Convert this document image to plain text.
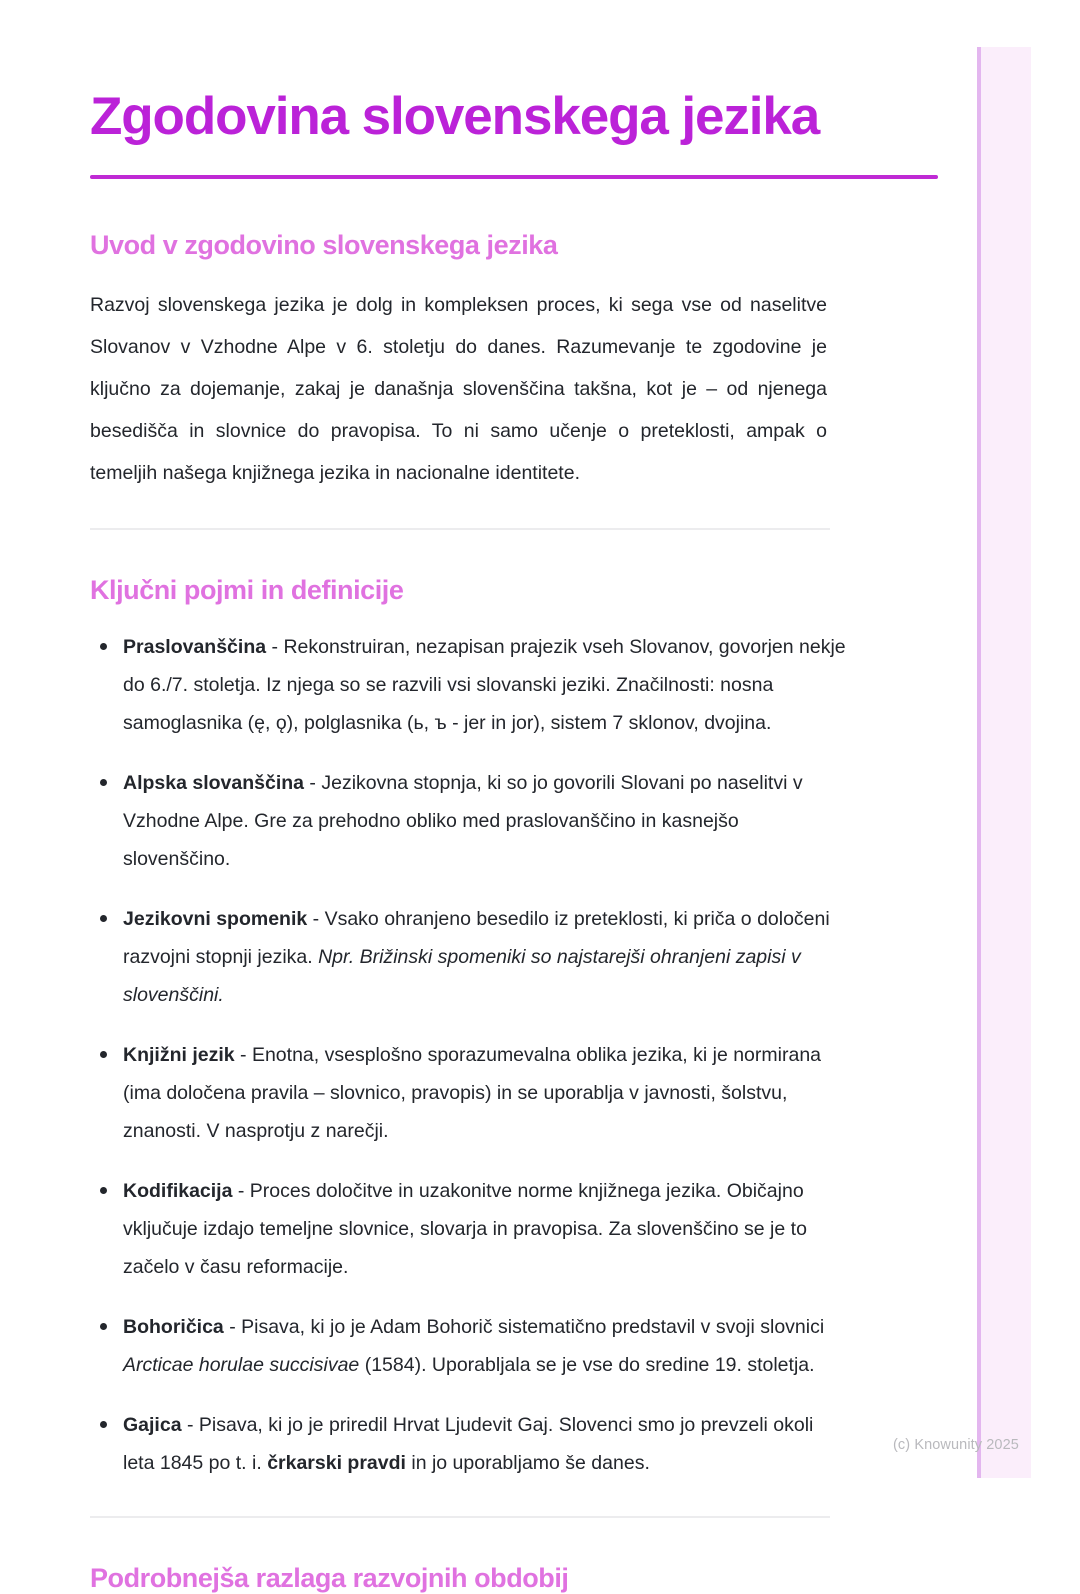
Zgodovina slovenskega jezika
Uvod v zgodovino slovenskega jezika

Razvoj slovenskega jezika je dolg in kompleksen proces, ki sega vse od naselitve Slovanov v Vzhodne Alpe v 6. stoletju do danes. Razumevanje te zgodovine je ključno za dojemanje, zakaj je današnja slovenščina takšna, kot je – od njenega besedišča in slovnice do pravopisa. To ni samo učenje o preteklosti, ampak o temeljih našega knjižnega jezika in nacionalne identitete.

Ključni pojmi in definicije
Praslovanščina - Rekonstruiran, nezapisan prajezik vseh Slovanov, govorjen nekje do 6./7. stoletja. Iz njega so se razvili vsi slovanski jeziki. Značilnosti: nosna samoglasnika (ę, ǫ), polglasnika (ь, ъ - jer in jor), sistem 7 sklonov, dvojina.
Alpska slovanščina - Jezikovna stopnja, ki so jo govorili Slovani po naselitvi v Vzhodne Alpe. Gre za prehodno obliko med praslovanščino in kasnejšo slovenščino.
Jezikovni spomenik - Vsako ohranjeno besedilo iz preteklosti, ki priča o določeni razvojni stopnji jezika. Npr. Brižinski spomeniki so najstarejši ohranjeni zapisi v slovenščini.
Knjižni jezik - Enotna, vsesplošno sporazumevalna oblika jezika, ki je normirana (ima določena pravila – slovnico, pravopis) in se uporablja v javnosti, šolstvu, znanosti. V nasprotju z narečji.
Kodifikacija - Proces določitve in uzakonitve norme knjižnega jezika. Običajno vključuje izdajo temeljne slovnice, slovarja in pravopisa. Za slovenščino se je to začelo v času reformacije.
Bohoričica - Pisava, ki jo je Adam Bohorič sistematično predstavil v svoji slovnici Arcticae horulae succisivae (1584). Uporabljala se je vse do sredine 19. stoletja.
Gajica - Pisava, ki jo je priredil Hrvat Ljudevit Gaj. Slovenci smo jo prevzeli okoli leta 1845 po t. i. črkarski pravdi in jo uporabljamo še danes.
Podrobnejša razlaga razvojnih obdobij
(c) Knowunity 2025
